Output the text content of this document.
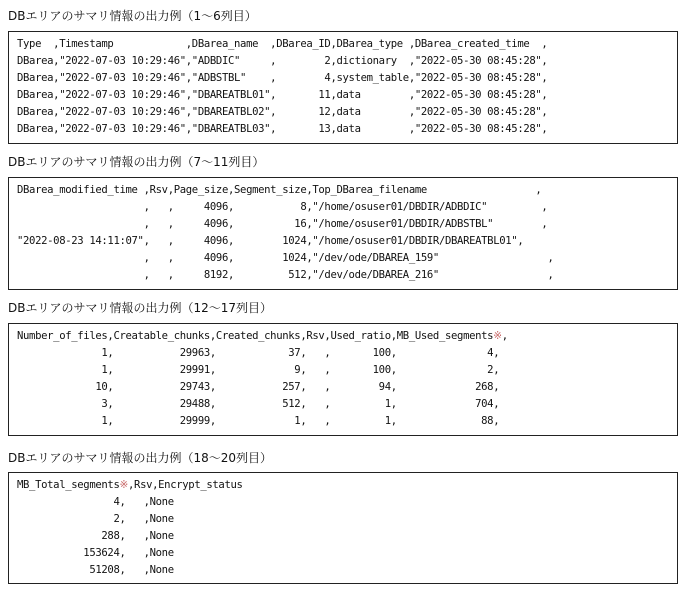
DBエリアのサマリ情報の出力例（1～6列目）
Type  ,Timestamp            ,DBarea_name  ,DBarea_ID,DBarea_type ,DBarea_created_time  ,
DBarea,"2022-07-03 10:29:46","ADBDIC"     ,        2,dictionary  ,"2022-05-30 08:45:28",
DBarea,"2022-07-03 10:29:46","ADBSTBL"    ,        4,system_table,"2022-05-30 08:45:28",
DBarea,"2022-07-03 10:29:46","DBAREATBL01",       11,data        ,"2022-05-30 08:45:28",
DBarea,"2022-07-03 10:29:46","DBAREATBL02",       12,data        ,"2022-05-30 08:45:28",
DBarea,"2022-07-03 10:29:46","DBAREATBL03",       13,data        ,"2022-05-30 08:45:28",
DBエリアのサマリ情報の出力例（7～11列目）
DBarea_modified_time ,Rsv,Page_size,Segment_size,Top_DBarea_filename                  ,
,   ,     4096,           8,"/home/osuser01/DBDIR/ADBDIC"         ,
,   ,     4096,          16,"/home/osuser01/DBDIR/ADBSTBL"        ,
"2022-08-23 14:11:07",   ,     4096,        1024,"/home/osuser01/DBDIR/DBAREATBL01",
,   ,     4096,        1024,"/dev/ode/DBAREA_159"                  ,
,   ,     8192,         512,"/dev/ode/DBAREA_216"                  ,
DBエリアのサマリ情報の出力例（12～17列目）
Number_of_files,Creatable_chunks,Created_chunks,Rsv,Used_ratio,MB_Used_segments※,
1,           29963,            37,   ,       100,               4,
1,           29991,             9,   ,       100,               2,
10,           29743,           257,   ,        94,             268,
3,           29488,           512,   ,         1,             704,
1,           29999,             1,   ,         1,              88,
DBエリアのサマリ情報の出力例（18～20列目）
MB_Total_segments※,Rsv,Encrypt_status
4,   ,None
2,   ,None
288,   ,None
153624,   ,None
51208,   ,None
